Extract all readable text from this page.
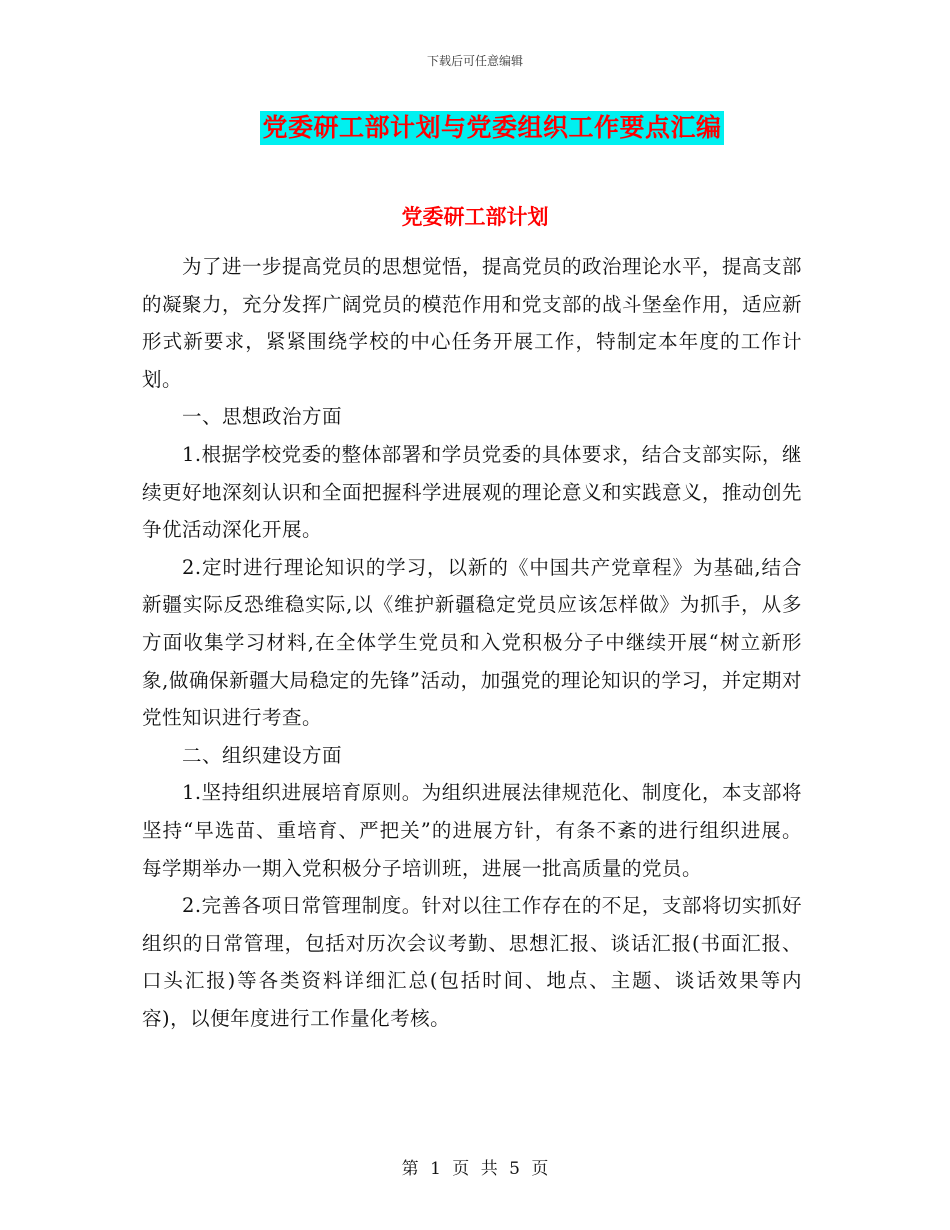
下载后可任意编辑
党委研工部计划与党委组织工作要点汇编
党委研工部计划

为了进一步提高党员的思想觉悟，提高党员的政治理论水平，提高支部的凝聚力，充分发挥广阔党员的模范作用和党支部的战斗堡垒作用，适应新形式新要求，紧紧围绕学校的中心任务开展工作，特制定本年度的工作计划。

一、思想政治方面

1.根据学校党委的整体部署和学员党委的具体要求，结合支部实际，继续更好地深刻认识和全面把握科学进展观的理论意义和实践意义，推动创先争优活动深化开展。

2.定时进行理论知识的学习，以新的《中国共产党章程》为基础,结合新疆实际反恐维稳实际,以《维护新疆稳定党员应该怎样做》为抓手，从多方面收集学习材料,在全体学生党员和入党积极分子中继续开展“树立新形象,做确保新疆大局稳定的先锋”活动，加强党的理论知识的学习，并定期对党性知识进行考查。

二、组织建设方面

1.坚持组织进展培育原则。为组织进展法律规范化、制度化，本支部将坚持“早选苗、重培育、严把关”的进展方针，有条不紊的进行组织进展。每学期举办一期入党积极分子培训班，进展一批高质量的党员。

2.完善各项日常管理制度。针对以往工作存在的不足，支部将切实抓好组织的日常管理，包括对历次会议考勤、思想汇报、谈话汇报(书面汇报、口头汇报)等各类资料详细汇总(包括时间、地点、主题、谈话效果等内容)，以便年度进行工作量化考核。

第 1 页 共 5 页
